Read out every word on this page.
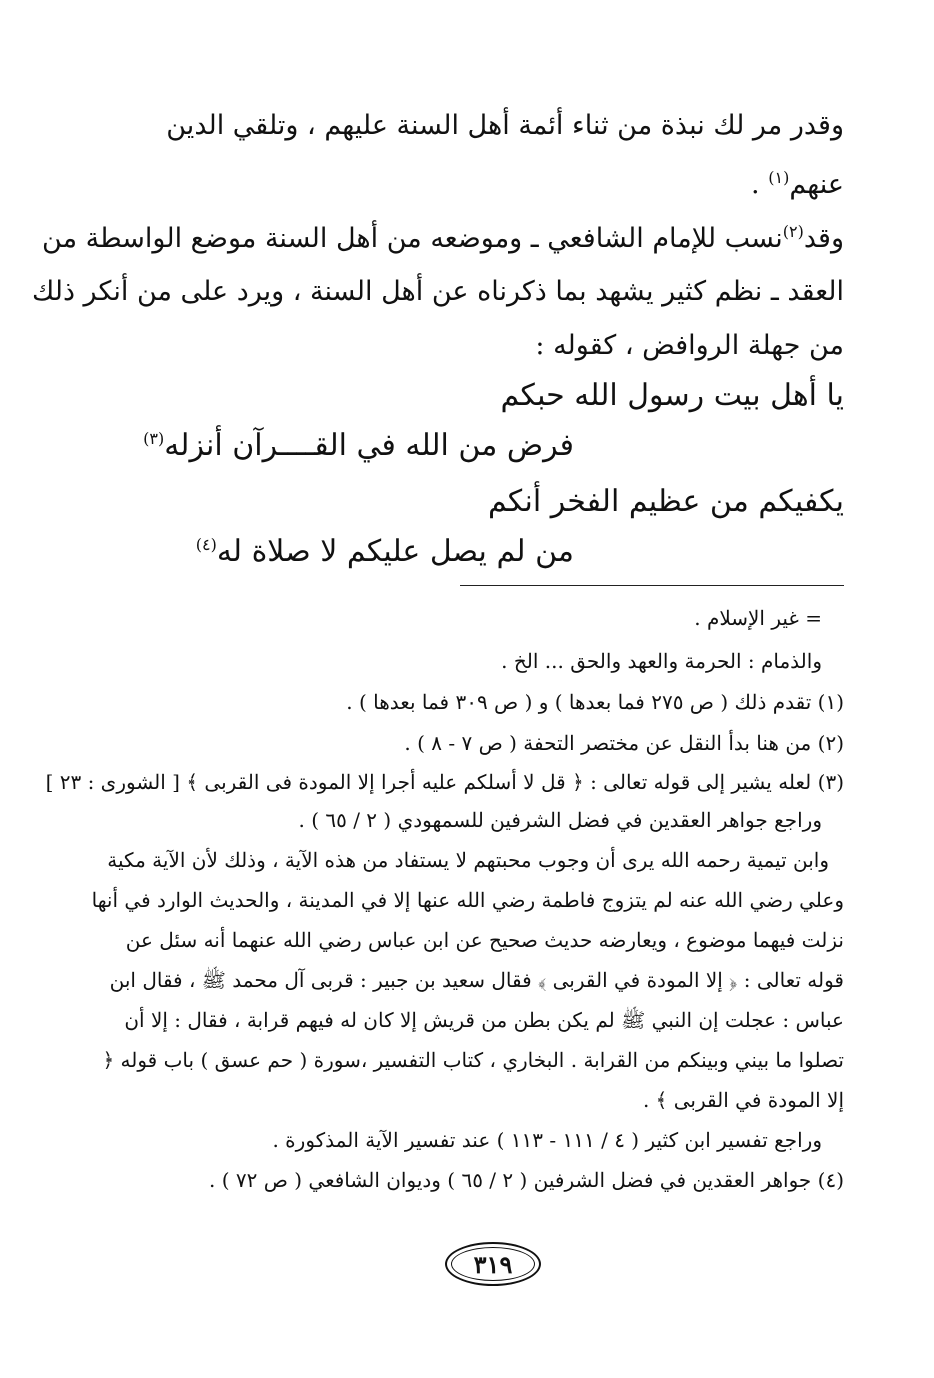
وقدر مر لك نبذة من ثناء أئمة أهل السنة عليهم ، وتلقي الدين
عنهم$^{(١)}$ .
وقد$^{(٢)}$نسب للإمام الشافعي ـ وموضعه من أهل السنة موضع الواسطة من
العقد ـ نظم كثير يشهد بما ذكرناه عن أهل السنة ، ويرد على من أنكر ذلك
من جهلة الروافض ، كقوله :
يا أهل بيت رسول الله حبكم
فرض من الله في القــــرآن أنزله$^{(٣)}$
يكفيكم من عظيم الفخر أنكم
من لم يصل عليكم لا صلاة له$^{(٤)}$
= غير الإسلام .
والذمام : الحرمة والعهد والحق ... الخ .
(١) تقدم ذلك ( ص ٢٧٥ فما بعدها ) و ( ص ٣٠٩ فما بعدها ) .
(٢) من هنا بدأ النقل عن مختصر التحفة ( ص ٧ - ٨ ) .
(٣) لعله يشير إلى قوله تعالى : ﴿ قل لا أسلكم عليه أجرا إلا المودة فى القربى ﴾ [ الشورى : ٢٣ ]
وراجع جواهر العقدين في فضل الشرفين للسمهودي ( ٢ / ٦٥ ) .
وابن تيمية رحمه الله يرى أن وجوب محبتهم لا يستفاد من هذه الآية ، وذلك لأن الآية مكية
وعلي رضي الله عنه لم يتزوج فاطمة رضي الله عنها إلا في المدينة ، والحديث الوارد في أنها
نزلت فيهما موضوع ، ويعارضه حديث صحيح عن ابن عباس رضي الله عنهما أنه سئل عن
قوله تعالى : ﴿ إلا المودة في القربى ﴾ فقال سعيد بن جبير : قربى آل محمد ﷺ ، فقال ابن
عباس : عجلت إن النبي ﷺ لم يكن بطن من قريش إلا كان له فيهم قرابة ، فقال : إلا أن
تصلوا ما بيني وبينكم من القرابة . البخاري ، كتاب التفسير ،سورة ( حم عسق ) باب قوله ﴿
إلا المودة في القربى ﴾ .
وراجع تفسير ابن كثير ( ٤ / ١١١ - ١١٣ ) عند تفسير الآية المذكورة .
(٤) جواهر العقدين في فضل الشرفين ( ٢ / ٦٥ ) وديوان الشافعي ( ص ٧٢ ) .
٣١٩
